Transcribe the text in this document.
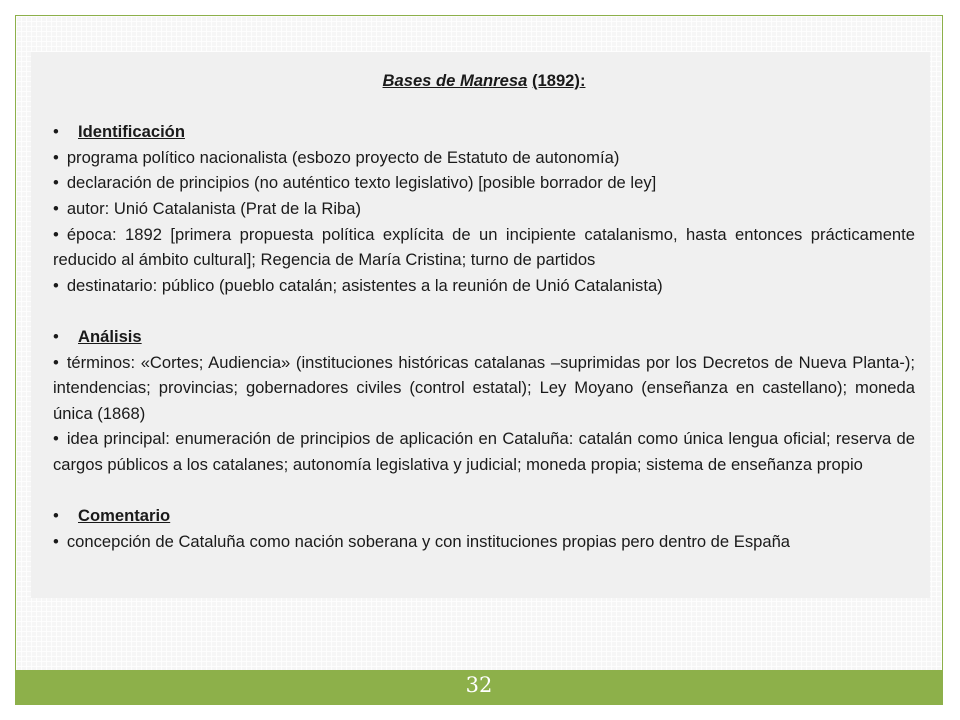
Bases de Manresa (1892):
• Identificación
• programa político nacionalista (esbozo proyecto de Estatuto de autonomía)
• declaración de principios (no auténtico texto legislativo) [posible borrador de ley]
• autor: Unió Catalanista (Prat de la Riba)
• época: 1892 [primera propuesta política explícita de un incipiente catalanismo, hasta entonces prácticamente reducido al ámbito cultural]; Regencia de María Cristina; turno de partidos
• destinatario: público (pueblo catalán; asistentes a la reunión de Unió Catalanista)
• Análisis
• términos: «Cortes; Audiencia» (instituciones históricas catalanas –suprimidas por los Decretos de Nueva Planta-); intendencias; provincias; gobernadores civiles (control estatal); Ley Moyano (enseñanza en castellano); moneda única (1868)
• idea principal: enumeración de principios de aplicación en Cataluña: catalán como única lengua oficial; reserva de cargos públicos a los catalanes; autonomía legislativa y judicial; moneda propia; sistema de enseñanza propio
• Comentario
• concepción de Cataluña como nación soberana y con instituciones propias pero dentro de España
32
